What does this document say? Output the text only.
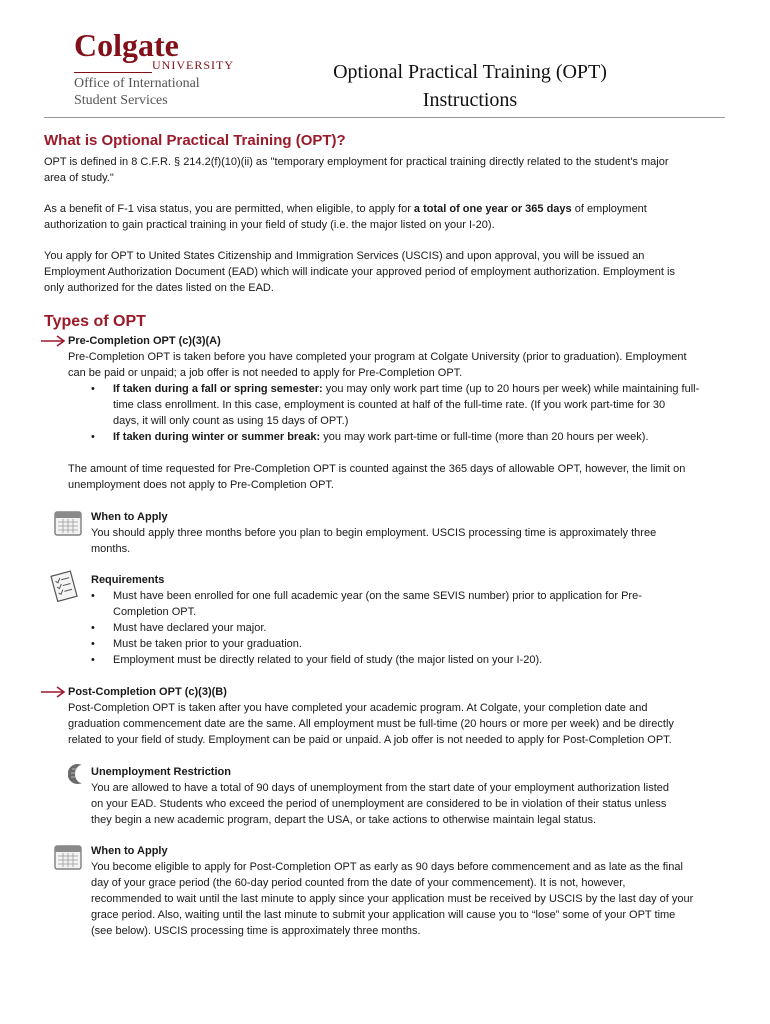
Colgate
UNIVERSITY
Office of International
Student Services
Optional Practical Training (OPT)
Instructions
What is Optional Practical Training (OPT)?
OPT is defined in 8 C.F.R. § 214.2(f)(10)(ii) as "temporary employment for practical training directly related to the student's major
area of study."
As a benefit of F-1 visa status, you are permitted, when eligible, to apply for a total of one year or 365 days of employment
authorization to gain practical training in your field of study (i.e. the major listed on your I-20).
You apply for OPT to United States Citizenship and Immigration Services (USCIS) and upon approval, you will be issued an
Employment Authorization Document (EAD) which will indicate your approved period of employment authorization. Employment is
only authorized for the dates listed on the EAD.
Types of OPT
Pre-Completion OPT (c)(3)(A)
Pre-Completion OPT is taken before you have completed your program at Colgate University (prior to graduation). Employment
can be paid or unpaid; a job offer is not needed to apply for Pre-Completion OPT.
• If taken during a fall or spring semester: you may only work part time (up to 20 hours per week) while maintaining full-
time class enrollment. In this case, employment is counted at half of the full-time rate. (If you work part-time for 30
days, it will only count as using 15 days of OPT.)
• If taken during winter or summer break: you may work part-time or full-time (more than 20 hours per week).
The amount of time requested for Pre-Completion OPT is counted against the 365 days of allowable OPT, however, the limit on
unemployment does not apply to Pre-Completion OPT.
When to Apply
You should apply three months before you plan to begin employment. USCIS processing time is approximately three
months.
Requirements
• Must have been enrolled for one full academic year (on the same SEVIS number) prior to application for Pre-
Completion OPT.
• Must have declared your major.
• Must be taken prior to your graduation.
• Employment must be directly related to your field of study (the major listed on your I-20).
Post-Completion OPT (c)(3)(B)
Post-Completion OPT is taken after you have completed your academic program. At Colgate, your completion date and
graduation commencement date are the same. All employment must be full-time (20 hours or more per week) and be directly
related to your field of study. Employment can be paid or unpaid. A job offer is not needed to apply for Post-Completion OPT.
Unemployment Restriction
You are allowed to have a total of 90 days of unemployment from the start date of your employment authorization listed
on your EAD. Students who exceed the period of unemployment are considered to be in violation of their status unless
they begin a new academic program, depart the USA, or take actions to otherwise maintain legal status.
When to Apply
You become eligible to apply for Post-Completion OPT as early as 90 days before commencement and as late as the final
day of your grace period (the 60-day period counted from the date of your commencement). It is not, however,
recommended to wait until the last minute to apply since your application must be received by USCIS by the last day of your
grace period. Also, waiting until the last minute to submit your application will cause you to “lose” some of your OPT time
(see below). USCIS processing time is approximately three months.
